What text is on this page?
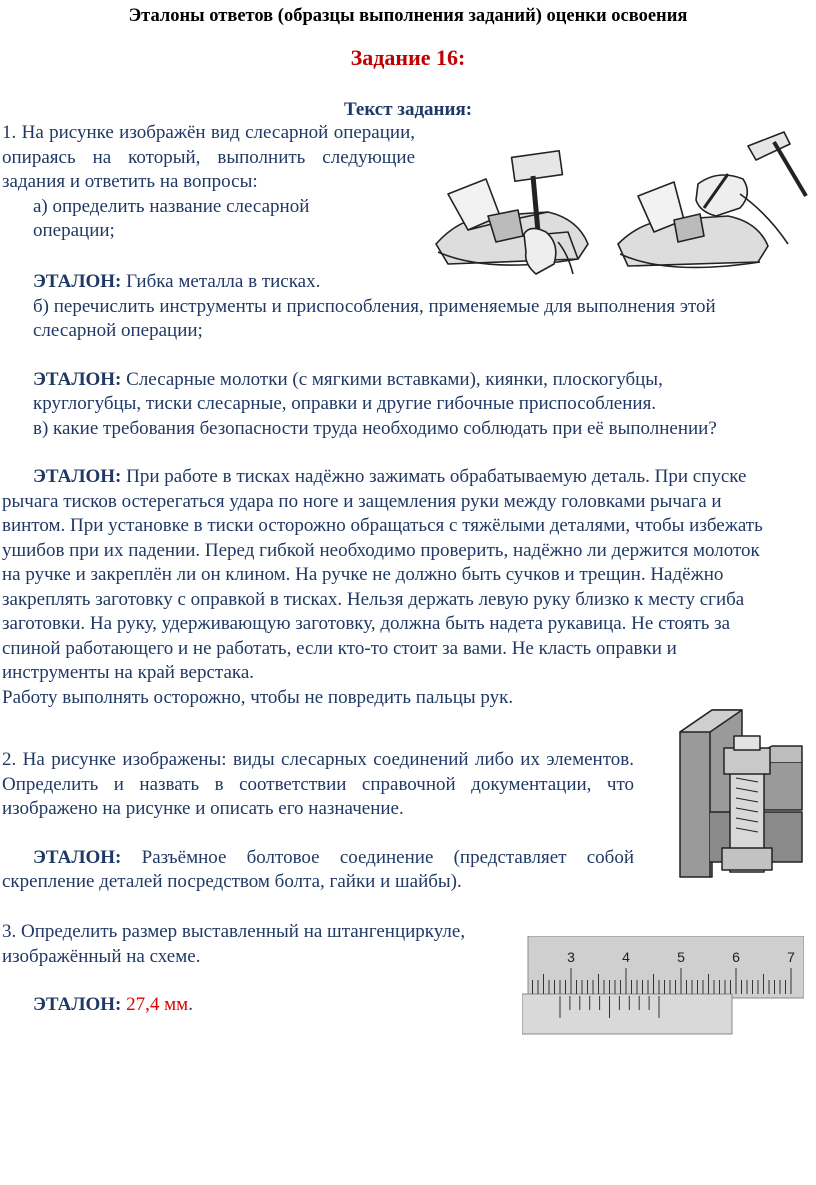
Эталоны ответов (образцы выполнения заданий) оценки освоения
Задание 16:
Текст задания:

1. На рисунке изображён вид слесарной операции, опираясь на который, выполнить следующие задания и ответить на вопросы:

а) определить название слесарной операции;

ЭТАЛОН: Гибка металла в тисках.

б) перечислить инструменты и приспособления, применяемые для выполнения этой слесарной операции;

ЭТАЛОН: Слесарные молотки (с мягкими вставками), киянки, плоскогубцы, круглогубцы, тиски слесарные, оправки и другие гибочные приспособления.

в) какие требования безопасности труда необходимо соблюдать при её выполнении?

ЭТАЛОН: При работе в тисках надёжно зажимать обрабатываемую деталь. При спуске рычага тисков остерегаться удара по ноге и защемления руки между головками рычага и винтом. При установке в тиски осторожно обращаться с тяжёлыми деталями, чтобы избежать ушибов при их падении. Перед гибкой необходимо проверить, надёжно ли держится молоток на ручке и закреплён ли он клином. На ручке не должно быть сучков и трещин. Надёжно закреплять заготовку с оправкой в тисках. Нельзя держать левую руку близко к месту сгиба заготовки. На руку, удерживающую заготовку, должна быть надета рукавица. Не стоять за спиной работающего и не работать, если кто-то стоит за вами. Не класть оправки и инструменты на край верстака.

Работу выполнять осторожно, чтобы не повредить пальцы рук.

2. На рисунке изображены: виды слесарных соединений либо их элементов. Определить и назвать в соответствии справочной документации, что изображено на рисунке и описать его назначение.

ЭТАЛОН: Разъёмное болтовое соединение (представляет собой скрепление деталей посредством болта, гайки и шайбы).

3. Определить размер выставленный на штангенциркуле, изображённый на схеме.

ЭТАЛОН: 27,4 мм.

3	4	5	6	7
